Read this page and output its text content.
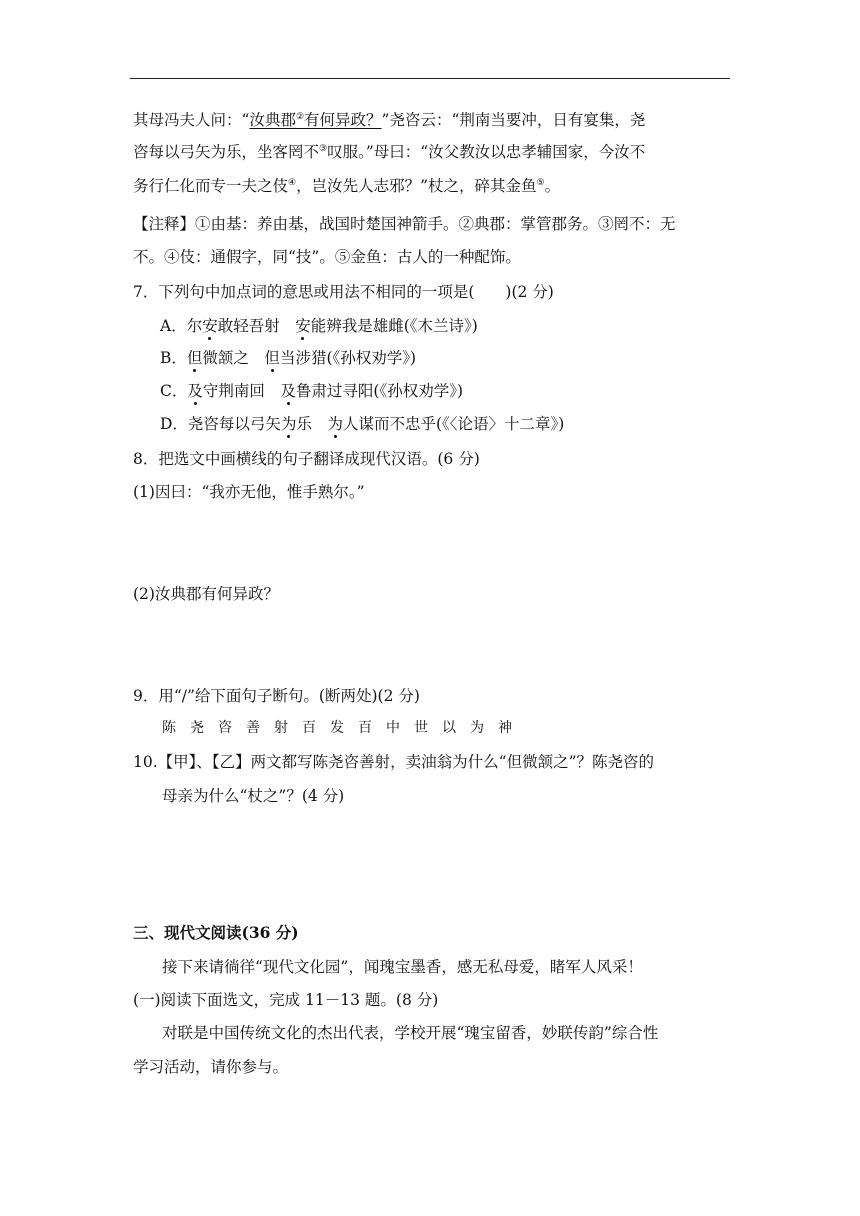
其母冯夫人问：“汝典郡②有何异政？”尧咨云：“荆南当要冲，日有宴集，尧
咨每以弓矢为乐，坐客罔不③叹服。”母曰：“汝父教汝以忠孝辅国家，今汝不
务行仁化而专一夫之伎④，岂汝先人志邪？”杖之，碎其金鱼⑤。
【注释】①由基：养由基，战国时楚国神箭手。②典郡：掌管郡务。③罔不：无
不。④伎：通假字，同“技”。⑤金鱼：古人的一种配饰。
7．下列句中加点词的意思或用法不相同的一项是(　　)(2 分)
A．尔安敢轻吾射　安能辨我是雄雌(《木兰诗》)
B．但微颔之　但当涉猎(《孙权劝学》)
C．及守荆南回　及鲁肃过寻阳(《孙权劝学》)
D．尧咨每以弓矢为乐　为人谋而不忠乎(《〈论语〉十二章》)
8．把选文中画横线的句子翻译成现代汉语。(6 分)
(1)因曰：“我亦无他，惟手熟尔。”
(2)汝典郡有何异政？
9．用“/”给下面句子断句。(断两处)(2 分)
陈尧咨善射百发百中世以为神
10.【甲】、【乙】两文都写陈尧咨善射，卖油翁为什么“但微颔之”？陈尧咨的
母亲为什么“杖之”？(4 分)
三、现代文阅读(36 分)
接下来请徜徉“现代文化园”，闻瑰宝墨香，感无私母爱，睹军人风采！
(一)阅读下面选文，完成 11－13 题。(8 分)
对联是中国传统文化的杰出代表，学校开展“瑰宝留香，妙联传韵”综合性
学习活动，请你参与。
